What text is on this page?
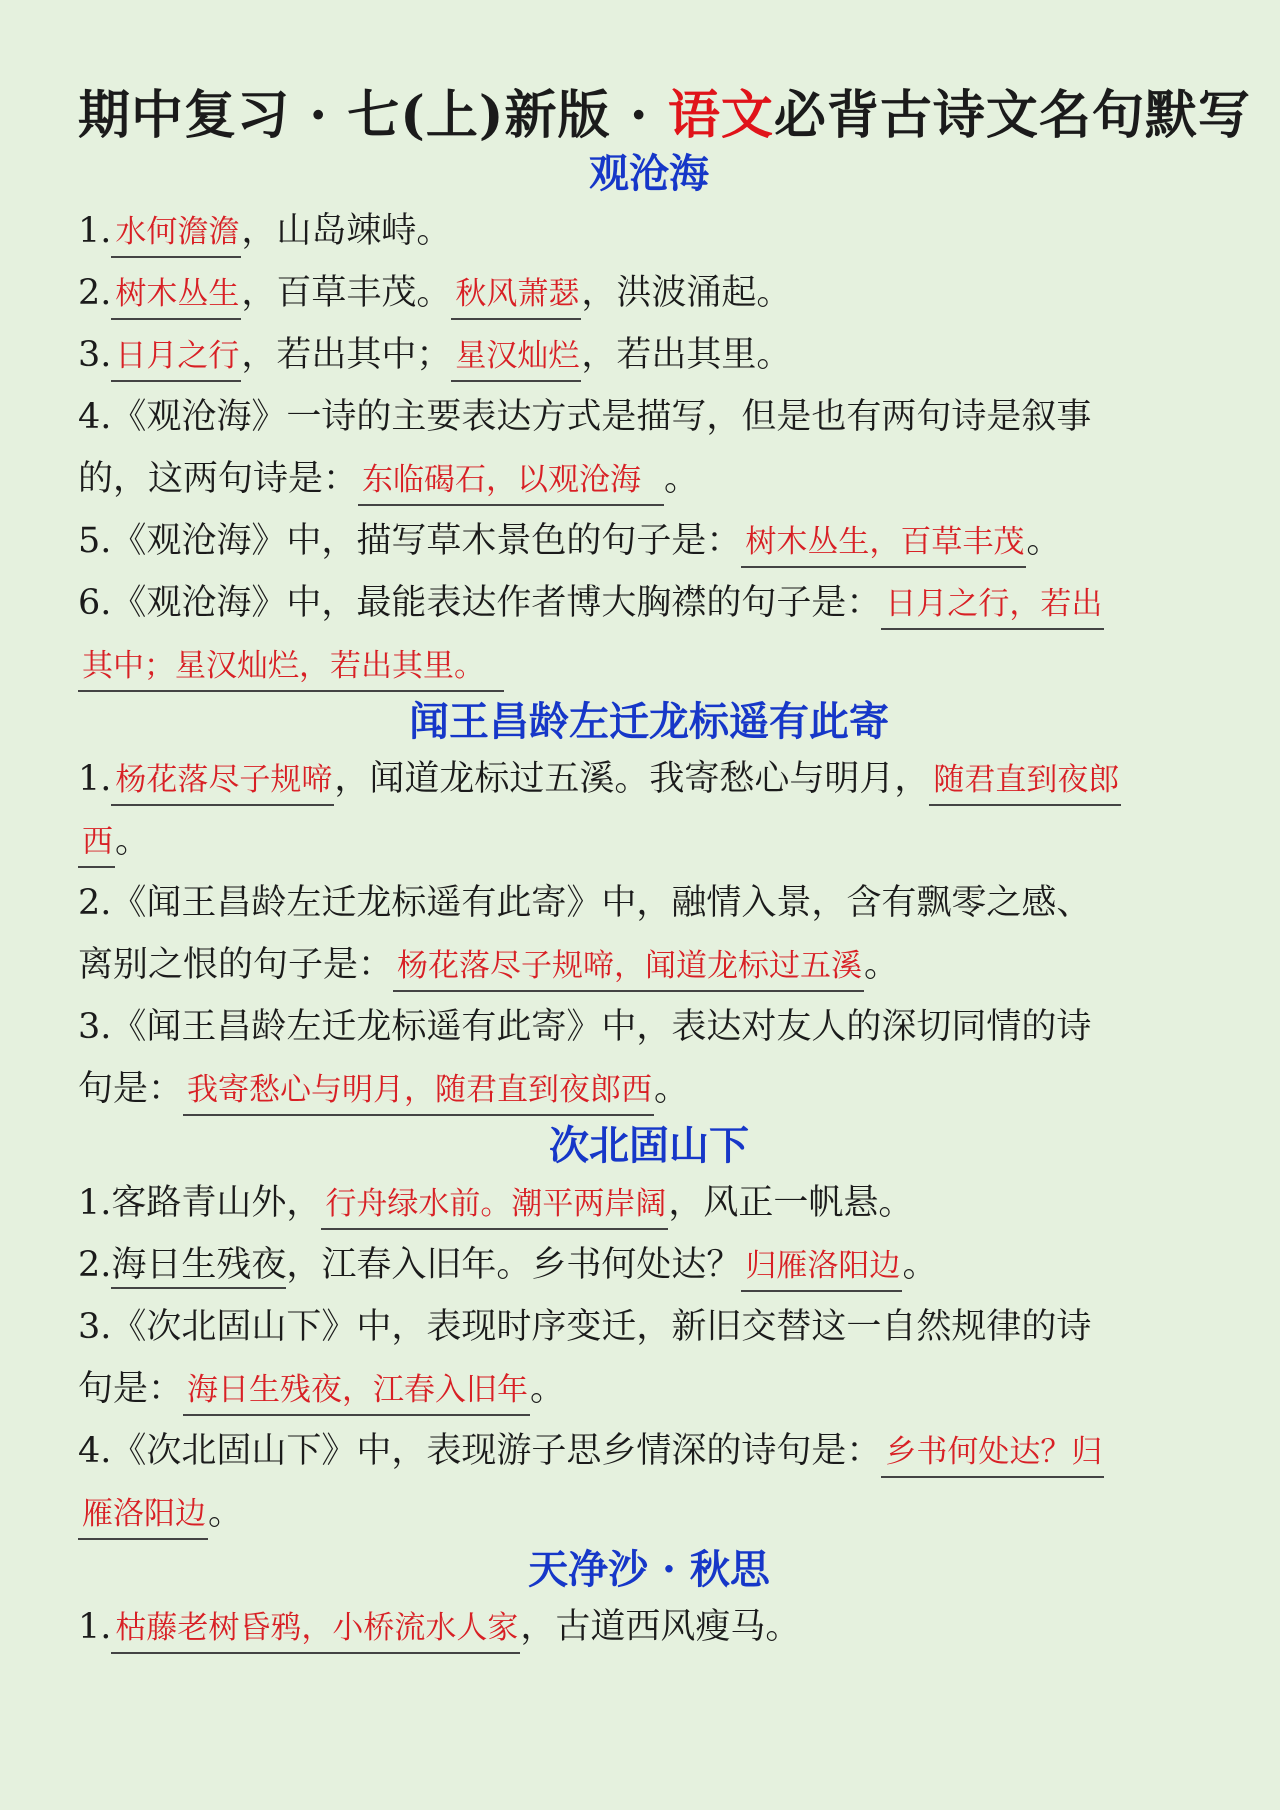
期中复习 · 七(上)新版 · 语文必背古诗文名句默写
观沧海
1. 水何澹澹，山岛竦峙。
2. 树木丛生，百草丰茂。 秋风萧瑟，洪波涌起。
3. 日月之行，若出其中； 星汉灿烂，若出其里。
4.《观沧海》一诗的主要表达方式是描写，但是也有两句诗是叙事
的，这两句诗是： 东临碣石，以观沧海 。
5.《观沧海》中，描写草木景色的句子是： 树木丛生，百草丰茂。
6.《观沧海》中，最能表达作者博大胸襟的句子是： 日月之行，若出
其中；星汉灿烂，若出其里。
闻王昌龄左迁龙标遥有此寄
1. 杨花落尽子规啼，闻道龙标过五溪。我寄愁心与明月， 随君直到夜郎
西。
2.《闻王昌龄左迁龙标遥有此寄》中，融情入景，含有飘零之感、
离别之恨的句子是： 杨花落尽子规啼，闻道龙标过五溪。
3.《闻王昌龄左迁龙标遥有此寄》中，表达对友人的深切同情的诗
句是： 我寄愁心与明月，随君直到夜郎西。
次北固山下
1.客路青山外， 行舟绿水前。潮平两岸阔，风正一帆悬。
2.海日生残夜，江春入旧年。乡书何处达？ 归雁洛阳边。
3.《次北固山下》中，表现时序变迁，新旧交替这一自然规律的诗
句是： 海日生残夜，江春入旧年。
4.《次北固山下》中，表现游子思乡情深的诗句是： 乡书何处达？归
雁洛阳边。
天净沙 · 秋思
1. 枯藤老树昏鸦，小桥流水人家，古道西风瘦马。
